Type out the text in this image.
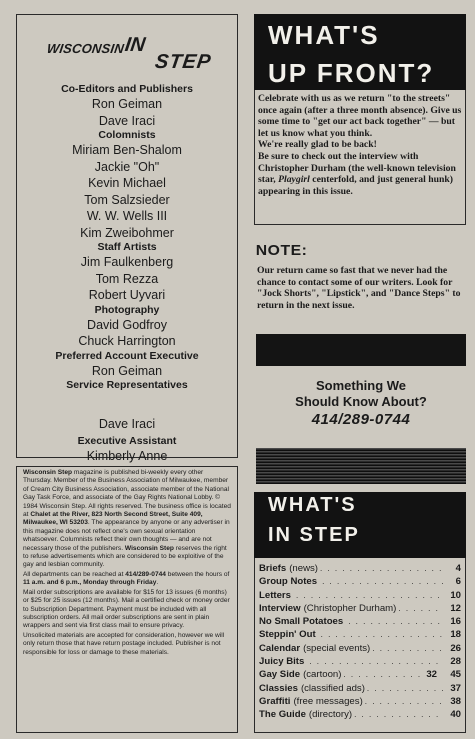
WISCONSIN
IN
STEP
Co-Editors and Publishers
Ron Geiman
Dave Iraci
Colomnists
Miriam Ben-Shalom
Jackie "Oh"
Kevin Michael
Tom Salzsieder
W. W. Wells III
Kim Zweibohmer
Staff Artists
Jim Faulkenberg
Tom Rezza
Robert Uyvari
Photography
David Godfroy
Chuck Harrington
Preferred Account Executive
Ron Geiman
Service Representatives
Dave Iraci
Executive Assistant
Kimberly Anne

Wisconsin Step magazine is published bi-weekly every other Thursday. Member of the Business Association of Milwaukee, member of Cream City Business Association, associate member of the National Gay Task Force, and associate of the Gay Rights National Lobby. © 1984 Wisconsin Step. All rights reserved. The business office is located at Chalet at the River, 823 North Second Street, Suite 409, Milwaukee, WI 53203. The appearance by anyone or any advertiser in this magazine does not reflect one's own sexual orientation whatsoever. Columnists reflect their own thoughts — and are not necessary those of the publishers. Wisconsin Step reserves the right to refuse advertisements which are considered to be exploitive of the gay and lesbian community.

All departments can be reached at 414/289-0744 between the hours of 11 a.m. and 6 p.m., Monday through Friday.

Mail order subscriptions are available for $15 for 13 issues (6 months) or $25 for 25 issues (12 months). Mail a certified check or money order to Subscription Department. Payment must be included with all subscription orders. All mail order subscriptions are sent in plain wrappers and sent via first class mail to ensure privacy.

Unsolicited materials are accepted for consideration, however we will only return those that have return postage included. Publisher is not responsible for loss or damage to these materials.

WHAT'S
UP FRONT?

Celebrate with us as we return "to the streets" once again (after a three month absence). Give us some time to "get our act back together" — but let us know what you think.

We're really glad to be back!

Be sure to check out the interview with Christopher Durham (the well-known television star, Playgirl centerfold, and just general hunk) appearing in this issue.

NOTE:
Our return came so fast that we never had the chance to contact some of our writers. Look for "Jock Shorts", "Lipstick", and "Dance Steps" to return in the next issue.
Something We
Should Know About?
414/289-0744
WHAT'S
IN STEP
Briefs (news) . . .	4
Group Notes . . .	6
Letters . . .	10
Interview (Christopher Durham) . . .	12
No Small Potatoes . . .	16
Steppin' Out . . .	18
Calendar (special events) . . .	26
Juicy Bits . . .	28
Gay Side (cartoon) . . .	32	45
Classies (classified ads) . . .	37
Graffiti (free messages) . . .	38
The Guide (directory) . . .	40
